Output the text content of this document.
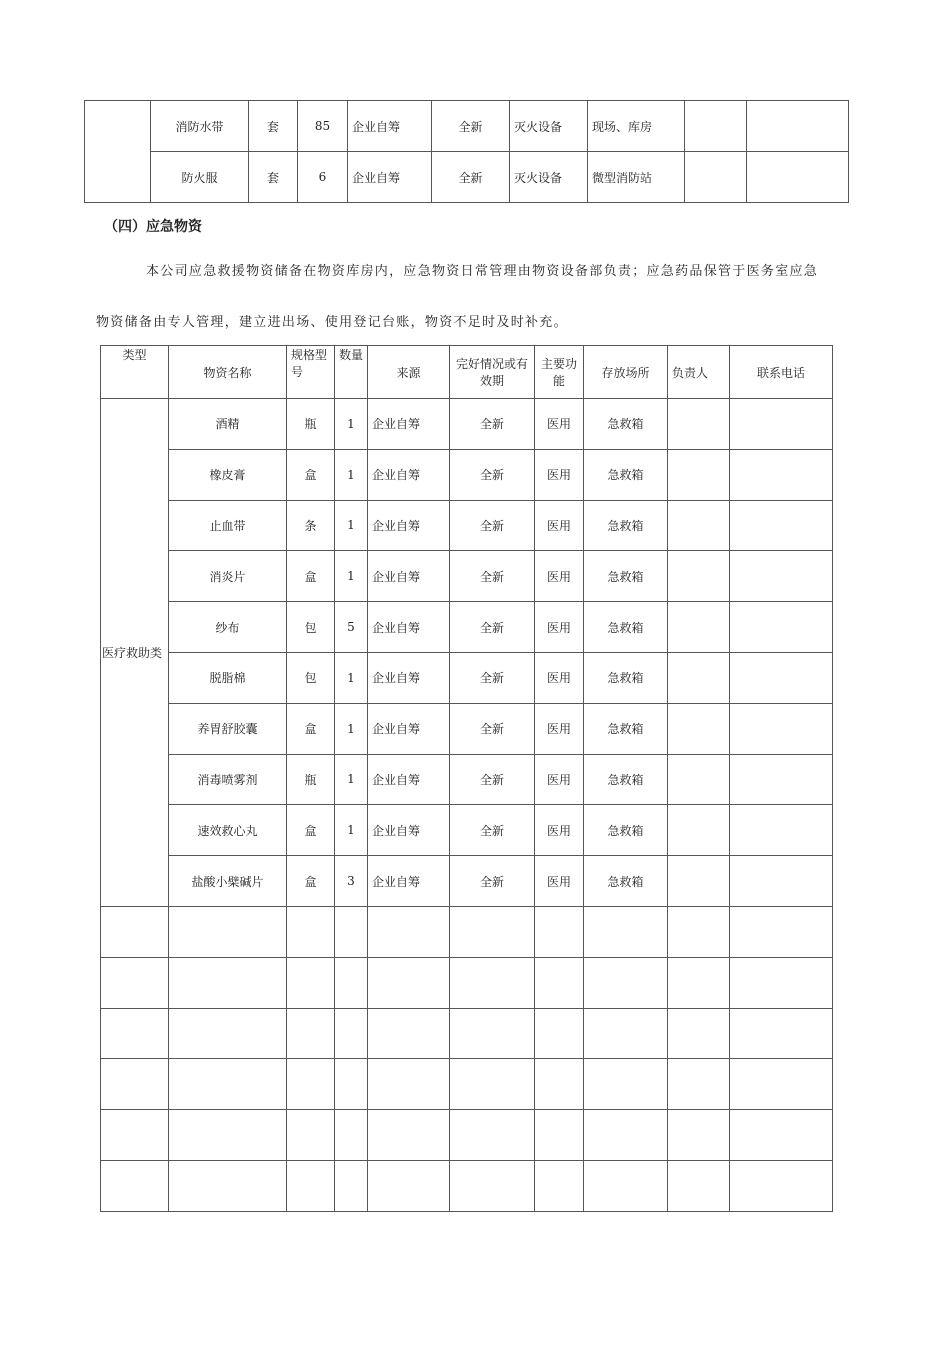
	消防水带	套	85	企业自筹	全新	灭火设备	现场、库房		
	防火服	套	6	企业自筹	全新	灭火设备	微型消防站		
（四）应急物资
本公司应急救援物资储备在物资库房内，应急物资日常管理由物资设备部负责；应急药品保管于医务室应急
物资储备由专人管理，建立进出场、使用登记台账，物资不足时及时补充。
类型	物资名称	规格型号	数量	来源	完好情况或有效期	主要功能	存放场所	负责人	联系电话
医疗救助类	酒精	瓶	1	企业自筹	全新	医用	急救箱		
	橡皮膏	盒	1	企业自筹	全新	医用	急救箱		
	止血带	条	1	企业自筹	全新	医用	急救箱		
	消炎片	盒	1	企业自筹	全新	医用	急救箱		
	纱布	包	5	企业自筹	全新	医用	急救箱		
	脱脂棉	包	1	企业自筹	全新	医用	急救箱		
	养胃舒胶囊	盒	1	企业自筹	全新	医用	急救箱		
	消毒喷雾剂	瓶	1	企业自筹	全新	医用	急救箱		
	速效救心丸	盒	1	企业自筹	全新	医用	急救箱		
	盐酸小檗碱片	盒	3	企业自筹	全新	医用	急救箱		
